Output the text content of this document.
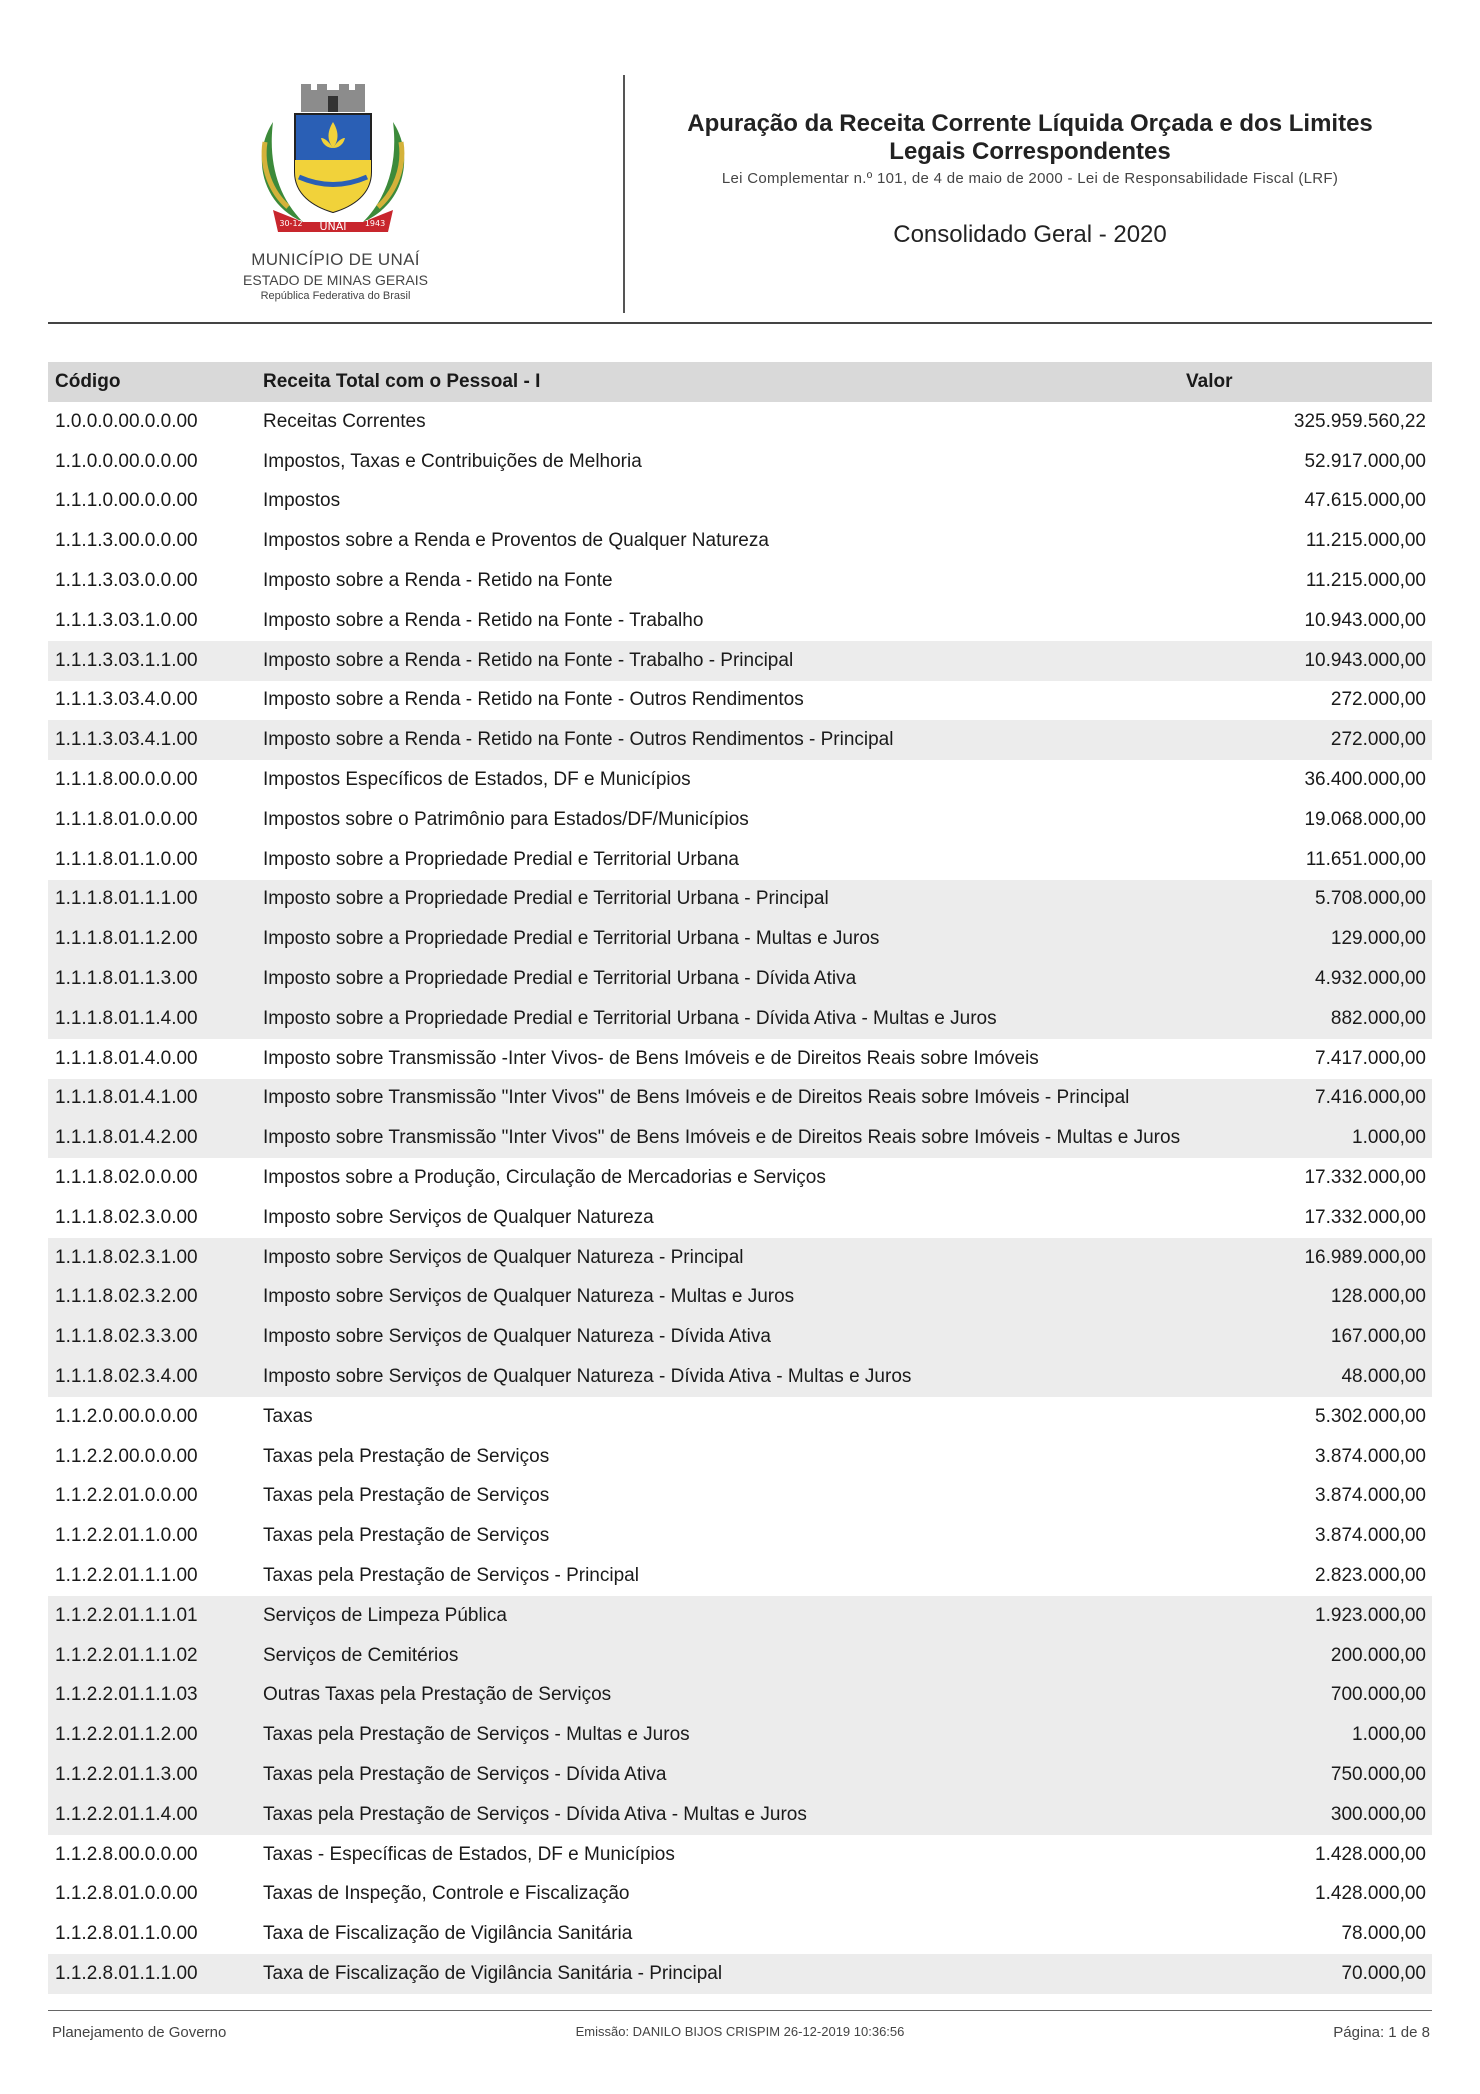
UNAÍ
30-12	1943
MUNICÍPIO DE UNAÍ
ESTADO DE MINAS GERAIS
República Federativa do Brasil
Apuração da Receita Corrente Líquida Orçada e dos Limites
Legais Correspondentes
Lei Complementar n.º 101, de 4 de maio de 2000 - Lei de Responsabilidade Fiscal (LRF)
Consolidado Geral - 2020
Código	Receita Total com o Pessoal - I	Valor
1.0.0.0.00.0.0.00	Receitas Correntes	325.959.560,22
1.1.0.0.00.0.0.00	Impostos, Taxas e Contribuições de Melhoria	52.917.000,00
1.1.1.0.00.0.0.00	Impostos	47.615.000,00
1.1.1.3.00.0.0.00	Impostos sobre a Renda e Proventos de Qualquer Natureza	11.215.000,00
1.1.1.3.03.0.0.00	Imposto sobre a Renda - Retido na Fonte	11.215.000,00
1.1.1.3.03.1.0.00	Imposto sobre a Renda - Retido na Fonte - Trabalho	10.943.000,00
1.1.1.3.03.1.1.00	Imposto sobre a Renda - Retido na Fonte - Trabalho - Principal	10.943.000,00
1.1.1.3.03.4.0.00	Imposto sobre a Renda - Retido na Fonte - Outros Rendimentos	272.000,00
1.1.1.3.03.4.1.00	Imposto sobre a Renda - Retido na Fonte - Outros Rendimentos - Principal	272.000,00
1.1.1.8.00.0.0.00	Impostos Específicos de Estados, DF e Municípios	36.400.000,00
1.1.1.8.01.0.0.00	Impostos sobre o Patrimônio para Estados/DF/Municípios	19.068.000,00
1.1.1.8.01.1.0.00	Imposto sobre a Propriedade Predial e Territorial Urbana	11.651.000,00
1.1.1.8.01.1.1.00	Imposto sobre a Propriedade Predial e Territorial Urbana - Principal	5.708.000,00
1.1.1.8.01.1.2.00	Imposto sobre a Propriedade Predial e Territorial Urbana - Multas e Juros	129.000,00
1.1.1.8.01.1.3.00	Imposto sobre a Propriedade Predial e Territorial Urbana - Dívida Ativa	4.932.000,00
1.1.1.8.01.1.4.00	Imposto sobre a Propriedade Predial e Territorial Urbana - Dívida Ativa - Multas e Juros	882.000,00
1.1.1.8.01.4.0.00	Imposto sobre Transmissão -Inter Vivos- de Bens Imóveis e de Direitos Reais sobre Imóveis	7.417.000,00
1.1.1.8.01.4.1.00	Imposto sobre Transmissão "Inter Vivos" de Bens Imóveis e de Direitos Reais sobre Imóveis - Principal	7.416.000,00
1.1.1.8.01.4.2.00	Imposto sobre Transmissão "Inter Vivos" de Bens Imóveis e de Direitos Reais sobre Imóveis - Multas e Juros	1.000,00
1.1.1.8.02.0.0.00	Impostos sobre a Produção, Circulação de Mercadorias e Serviços	17.332.000,00
1.1.1.8.02.3.0.00	Imposto sobre Serviços de Qualquer Natureza	17.332.000,00
1.1.1.8.02.3.1.00	Imposto sobre Serviços de Qualquer Natureza - Principal	16.989.000,00
1.1.1.8.02.3.2.00	Imposto sobre Serviços de Qualquer Natureza - Multas e Juros	128.000,00
1.1.1.8.02.3.3.00	Imposto sobre Serviços de Qualquer Natureza - Dívida Ativa	167.000,00
1.1.1.8.02.3.4.00	Imposto sobre Serviços de Qualquer Natureza - Dívida Ativa - Multas e Juros	48.000,00
1.1.2.0.00.0.0.00	Taxas	5.302.000,00
1.1.2.2.00.0.0.00	Taxas pela Prestação de Serviços	3.874.000,00
1.1.2.2.01.0.0.00	Taxas pela Prestação de Serviços	3.874.000,00
1.1.2.2.01.1.0.00	Taxas pela Prestação de Serviços	3.874.000,00
1.1.2.2.01.1.1.00	Taxas pela Prestação de Serviços - Principal	2.823.000,00
1.1.2.2.01.1.1.01	Serviços de Limpeza Pública	1.923.000,00
1.1.2.2.01.1.1.02	Serviços de Cemitérios	200.000,00
1.1.2.2.01.1.1.03	Outras Taxas pela Prestação de Serviços	700.000,00
1.1.2.2.01.1.2.00	Taxas pela Prestação de Serviços - Multas e Juros	1.000,00
1.1.2.2.01.1.3.00	Taxas pela Prestação de Serviços - Dívida Ativa	750.000,00
1.1.2.2.01.1.4.00	Taxas pela Prestação de Serviços - Dívida Ativa - Multas e Juros	300.000,00
1.1.2.8.00.0.0.00	Taxas - Específicas de Estados, DF e Municípios	1.428.000,00
1.1.2.8.01.0.0.00	Taxas de Inspeção, Controle e Fiscalização	1.428.000,00
1.1.2.8.01.1.0.00	Taxa de Fiscalização de Vigilância Sanitária	78.000,00
1.1.2.8.01.1.1.00	Taxa de Fiscalização de Vigilância Sanitária - Principal	70.000,00
Planejamento de Governo	Emissão: DANILO BIJOS CRISPIM 26-12-2019 10:36:56	Página: 1 de 8
